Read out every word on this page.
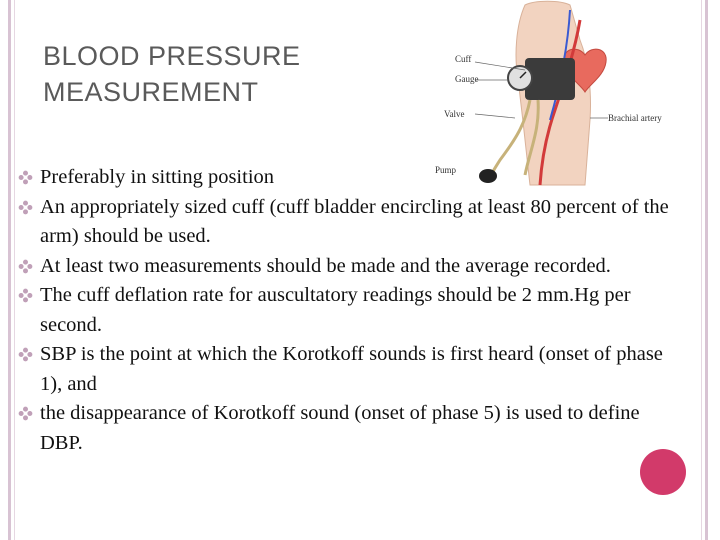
BLOOD PRESSURE MEASUREMENT
Cuff
Gauge
Valve
Pump
Brachial artery
Preferably in sitting position
An appropriately sized cuff (cuff bladder encircling at least 80 percent of the arm) should be used.
At least two measurements should be made and the average recorded.
The cuff deflation rate for auscultatory readings should be 2 mm.Hg per second.
SBP is the point at which the Korotkoff sounds is first heard (onset of phase 1), and
the disappearance of Korotkoff sound (onset of phase 5) is used to define DBP.
